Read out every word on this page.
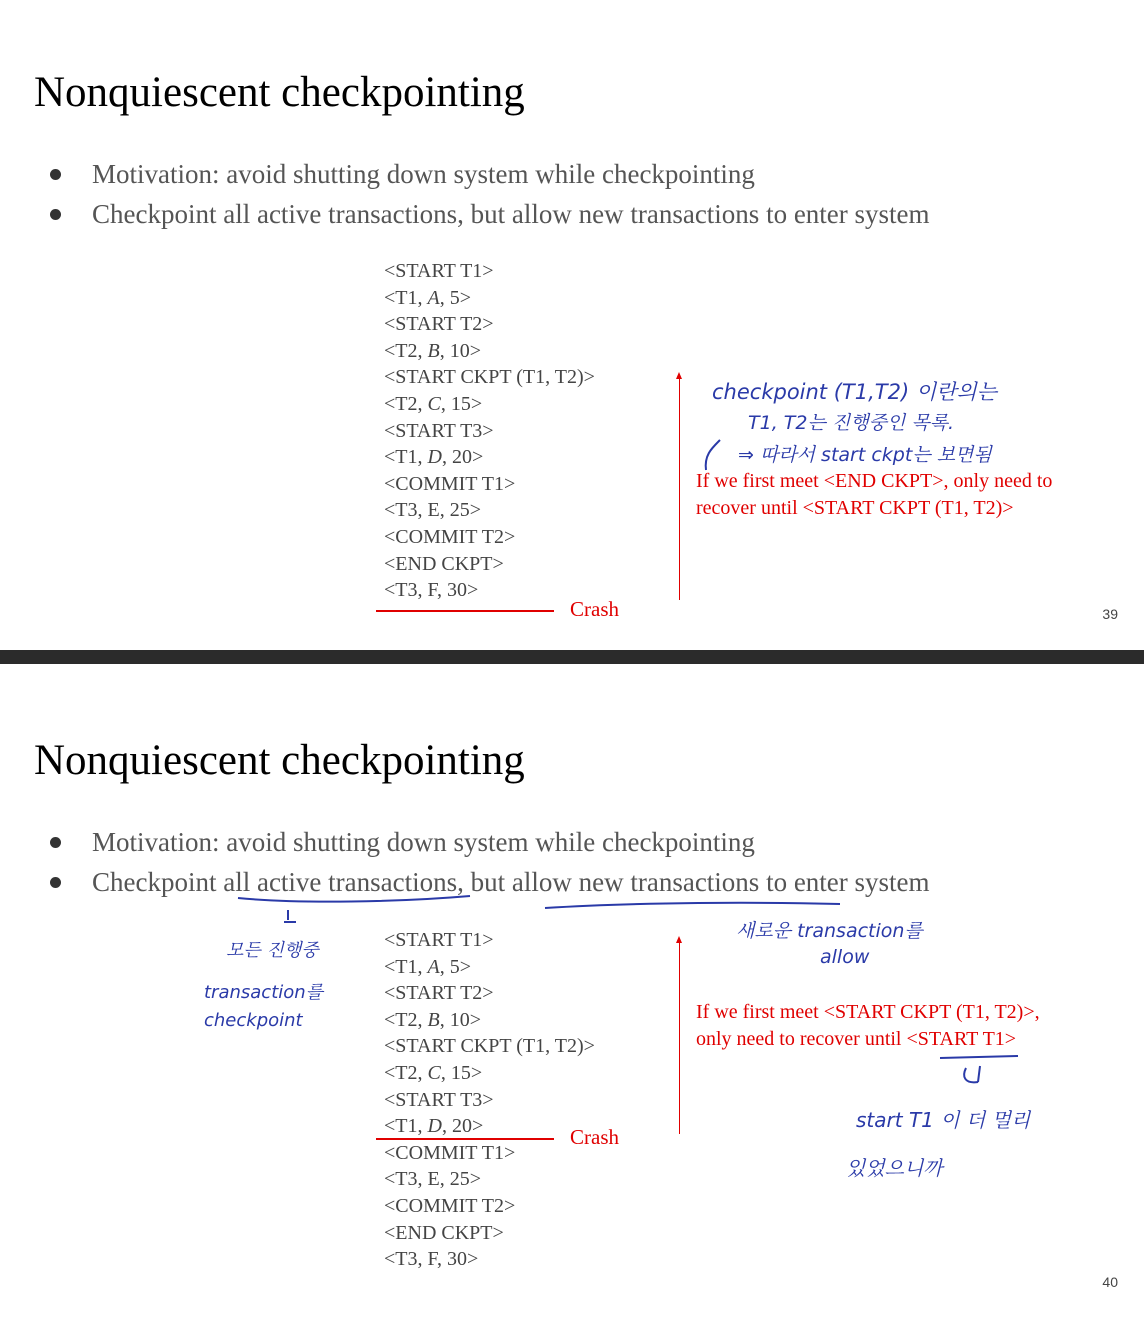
Nonquiescent checkpointing
Motivation: avoid shutting down system while checkpointing
Checkpoint all active transactions, but allow new transactions to enter system
<START T1>
<T1, A, 5>
<START T2>
<T2, B, 10>
<START CKPT (T1, T2)>
<T2, C, 15>
<START T3>
<T1, D, 20>
<COMMIT T1>
<T3, E, 25>
<COMMIT T2>
<END CKPT>
<T3, F, 30>
Crash
If we first meet <END CKPT>, only need to
recover until <START CKPT (T1, T2)>
checkpoint (T1,T2) 이란의는
T1, T2는 진행중인 목록.
⇒ 따라서 start ckpt는 보면됨
39
Nonquiescent checkpointing
Motivation: avoid shutting down system while checkpointing
Checkpoint all active transactions, but allow new transactions to enter system
<START T1>
<T1, A, 5>
<START T2>
<T2, B, 10>
<START CKPT (T1, T2)>
<T2, C, 15>
<START T3>
<T1, D, 20>
<COMMIT T1>
<T3, E, 25>
<COMMIT T2>
<END CKPT>
<T3, F, 30>
Crash
If we first meet <START CKPT (T1, T2)>,
only need to recover until <START T1>
모든 진행중
transaction를
checkpoint
새로운 transaction를
allow
start T1 이 더 멀리
있었으니까
40
